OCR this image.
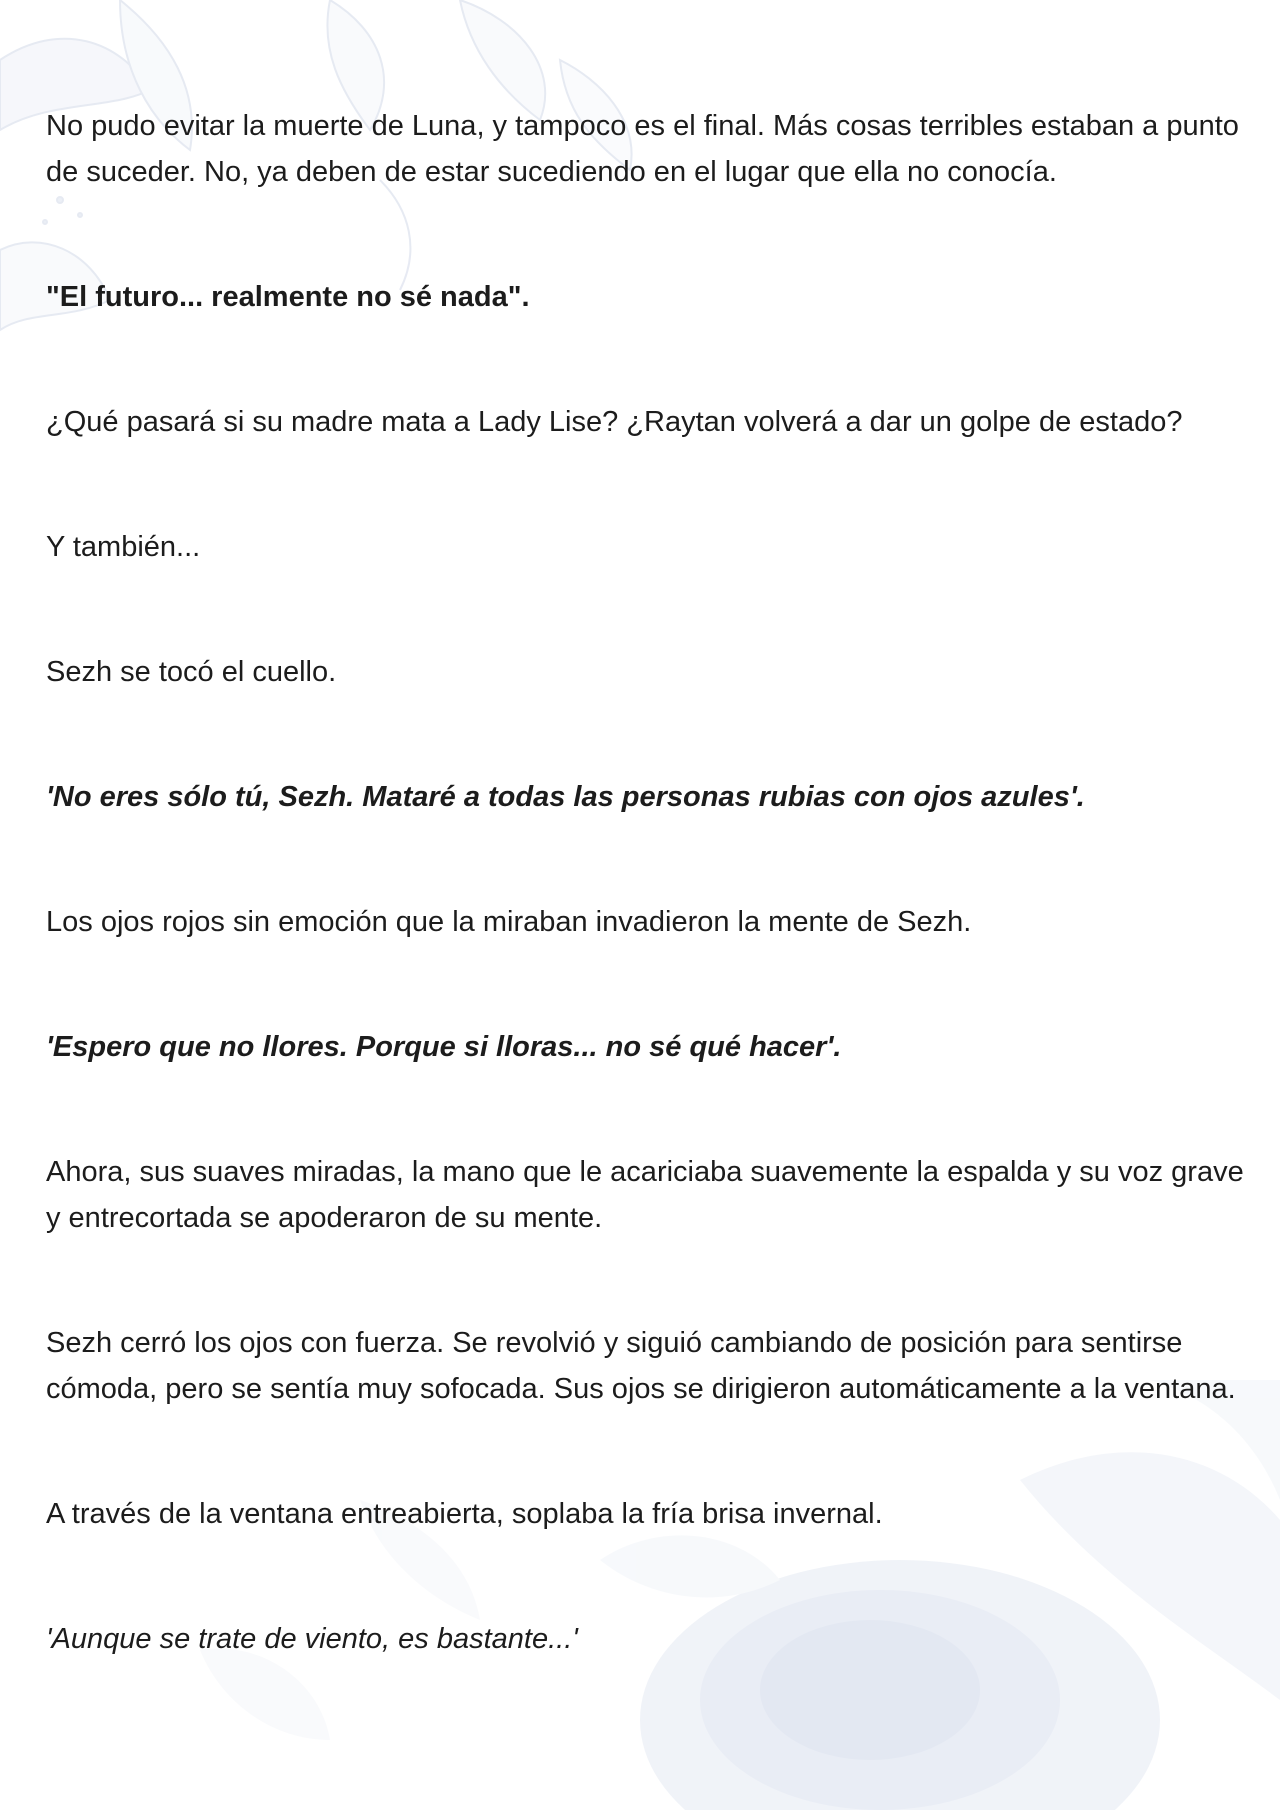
No pudo evitar la muerte de Luna, y tampoco es el final. Más cosas terribles estaban a punto de suceder. No, ya deben de estar sucediendo en el lugar que ella no conocía.

"El futuro... realmente no sé nada".

¿Qué pasará si su madre mata a Lady Lise? ¿Raytan volverá a dar un golpe de estado?

Y también...

Sezh se tocó el cuello.

'No eres sólo tú, Sezh. Mataré a todas las personas rubias con ojos azules'.

Los ojos rojos sin emoción que la miraban invadieron la mente de Sezh.

'Espero que no llores. Porque si lloras... no sé qué hacer'.

Ahora, sus suaves miradas, la mano que le acariciaba suavemente la espalda y su voz grave y entrecortada se apoderaron de su mente.

Sezh cerró los ojos con fuerza. Se revolvió y siguió cambiando de posición para sentirse cómoda, pero se sentía muy sofocada. Sus ojos se dirigieron automáticamente a la ventana.

A través de la ventana entreabierta, soplaba la fría brisa invernal.

'Aunque se trate de viento, es bastante...'
